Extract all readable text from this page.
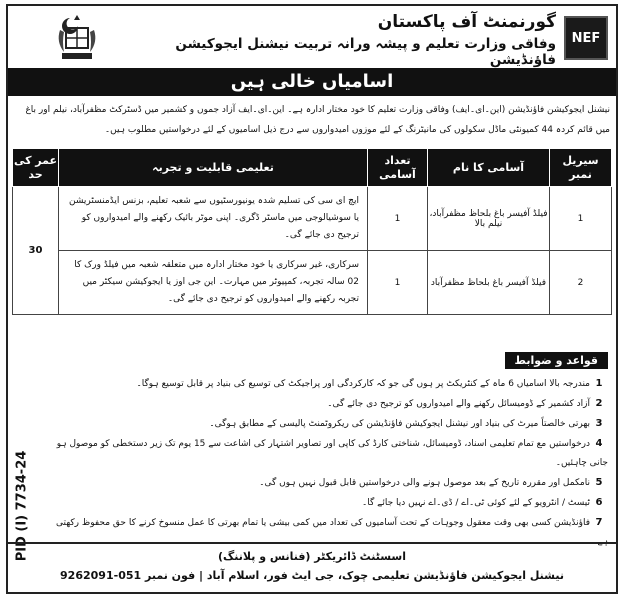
گورنمنٹ آف پاکستان
وفاقی وزارت تعلیم و پیشہ ورانہ تربیت نیشنل ایجوکیشن فاؤنڈیشن
NEF
اسامیاں خالی ہیں

نیشنل ایجوکیشن فاؤنڈیشن (این۔ای۔ایف) وفاقی وزارت تعلیم کا خود مختار ادارہ ہے۔ این۔ای۔ایف آزاد جموں و کشمیر میں ڈسٹرکٹ مظفرآباد، نیلم اور باغ میں قائم کردہ 44 کمیونٹی ماڈل سکولوں کی مانیٹرنگ کے لئے موزوں امیدواروں سے درج ذیل اسامیوں کے لئے درخواستیں مطلوب ہیں۔

سیریل نمبر	آسامی کا نام	تعداد آسامی	تعلیمی قابلیت و تجربہ	عمر کی حد
1	فیلڈ آفیسر باغ بلحاظ مظفرآباد، نیلم بالا	1	ایچ ای سی کی تسلیم شدہ یونیورسٹیوں سے شعبہ تعلیم، بزنس ایڈمنسٹریشن یا سوشیالوجی میں ماسٹر ڈگری۔ اپنی موٹر بائیک رکھنے والے امیدواروں کو ترجیح دی جائے گی۔	30
2	فیلڈ آفیسر باغ بلحاظ مظفرآباد	1	سرکاری، غیر سرکاری یا خود مختار ادارہ میں متعلقہ شعبہ میں فیلڈ ورک کا 02 سالہ تجربہ، کمپیوٹر میں مہارت۔ این جی اوز یا ایجوکیشن سیکٹر میں تجربہ رکھنے والے امیدواروں کو ترجیح دی جائے گی۔	
قواعد و ضوابط
1مندرجہ بالا اسامیاں 6 ماہ کے کنٹریکٹ پر ہوں گی جو کہ کارکردگی اور پراجیکٹ کی توسیع کی بنیاد پر قابل توسیع ہوگا۔
2آزاد کشمیر کے ڈومیسائل رکھنے والے امیدواروں کو ترجیح دی جائے گی۔
3بھرتی خالصتاً میرٹ کی بنیاد اور نیشنل ایجوکیشن فاؤنڈیشن کی ریکروٹمنٹ پالیسی کے مطابق ہوگی۔
4درخواستیں مع تمام تعلیمی اسناد، ڈومیسائل، شناختی کارڈ کی کاپی اور تصاویر اشتہار کی اشاعت سے 15 یوم تک زیر دستخطی کو موصول ہو جانی چاہئیں۔
5نامکمل اور مقررہ تاریخ کے بعد موصول ہونے والی درخواستیں قابل قبول نہیں ہوں گی۔
6ٹیسٹ / انٹرویو کے لئے کوئی ٹی۔اے / ڈی۔اے نہیں دیا جائے گا۔
7فاؤنڈیشن کسی بھی وقت معقول وجوہات کے تحت آسامیوں کی تعداد میں کمی بیشی یا تمام بھرتی کا عمل منسوخ کرنے کا حق محفوظ رکھتی ہے۔
PID (I) 7734-24	اسسٹنٹ ڈائریکٹر (فنانس و پلاننگ)
نیشنل ایجوکیشن فاؤنڈیشن تعلیمی چوک، جی ایٹ فور، اسلام آباد | فون نمبر 051-9262091
